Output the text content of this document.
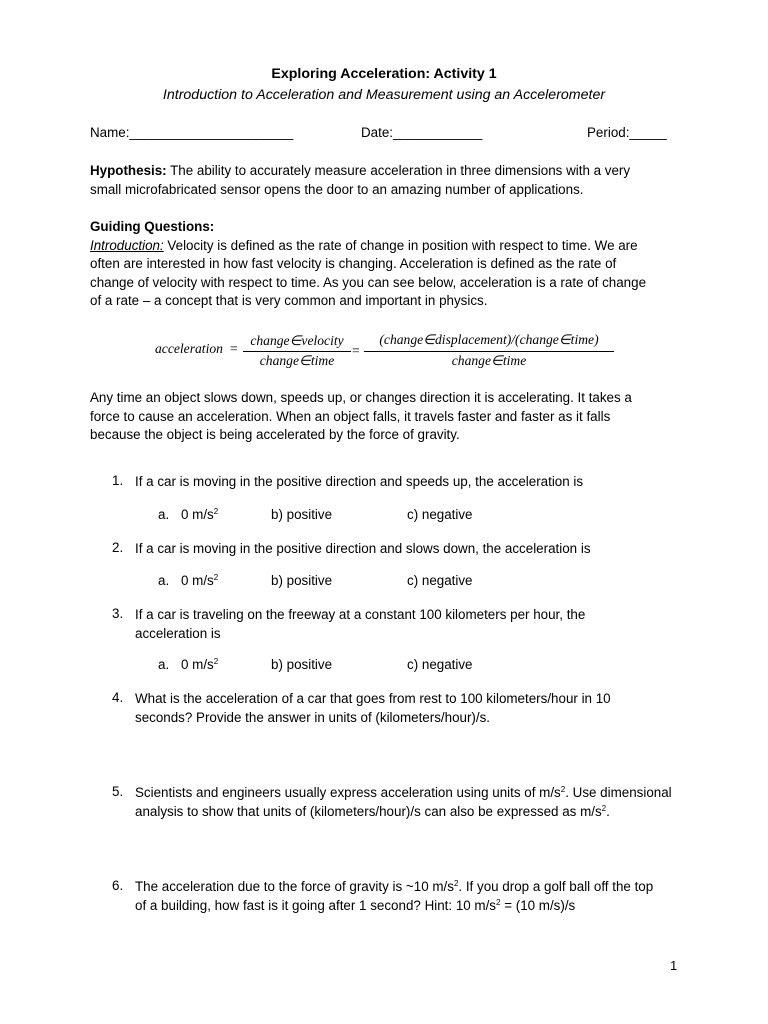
Exploring Acceleration: Activity 1
Introduction to Acceleration and Measurement using an Accelerometer
Name:______________________	Date:____________	Period:_____
Hypothesis: The ability to accurately measure acceleration in three dimensions with a very
small microfabricated sensor opens the door to an amazing number of applications.
Guiding Questions:
Introduction: Velocity is defined as the rate of change in position with respect to time. We are
often are interested in how fast velocity is changing. Acceleration is defined as the rate of
change of velocity with respect to time. As you can see below, acceleration is a rate of change
of a rate – a concept that is very common and important in physics.
acceleration =
change∈velocity
change∈time
=
(change∈displacement)/(change∈time)
change∈time
Any time an object slows down, speeds up, or changes direction it is accelerating. It takes a
force to cause an acceleration. When an object falls, it travels faster and faster as it falls
because the object is being accelerated by the force of gravity.
1. If a car is moving in the positive direction and speeds up, the acceleration is
a. 0 $m/s^2$	b) positive	c) negative
2. If a car is moving in the positive direction and slows down, the acceleration is
a. 0 $m/s^2$	b) positive	c) negative
3. If a car is traveling on the freeway at a constant 100 kilometers per hour, the
acceleration is
a. 0 $m/s^2$	b) positive	c) negative
4. What is the acceleration of a car that goes from rest to 100 kilometers/hour in 10
seconds? Provide the answer in units of (kilometers/hour)/s.
5. Scientists and engineers usually express acceleration using units of $m/s^2$. Use dimensional
analysis to show that units of (kilometers/hour)/s can also be expressed as $m/s^2$.
6. The acceleration due to the force of gravity is ~10 $m/s^2$. If you drop a golf ball off the top
of a building, how fast is it going after 1 second? Hint: 10 $m/s^2 = (10$ m/s)/s
1
